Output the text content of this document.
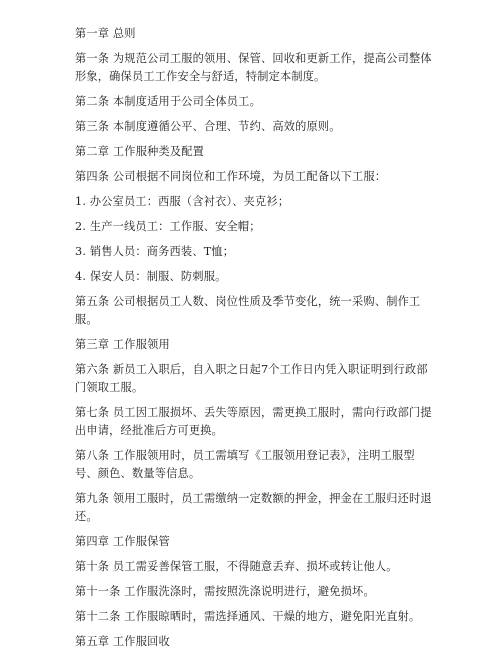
第一章 总则

第一条 为规范公司工服的领用、保管、回收和更新工作，提高公司整体形象，确保员工工作安全与舒适，特制定本制度。

第二条 本制度适用于公司全体员工。

第三条 本制度遵循公平、合理、节约、高效的原则。

第二章 工作服种类及配置

第四条 公司根据不同岗位和工作环境，为员工配备以下工服：

1. 办公室员工：西服（含衬衣）、夹克衫；

2. 生产一线员工：工作服、安全帽；

3. 销售人员：商务西装、T恤；

4. 保安人员：制服、防刺服。

第五条 公司根据员工人数、岗位性质及季节变化，统一采购、制作工服。

第三章 工作服领用

第六条 新员工入职后，自入职之日起7个工作日内凭入职证明到行政部门领取工服。

第七条 员工因工服损坏、丢失等原因，需更换工服时，需向行政部门提出申请，经批准后方可更换。

第八条 工作服领用时，员工需填写《工服领用登记表》，注明工服型号、颜色、数量等信息。

第九条 领用工服时，员工需缴纳一定数额的押金，押金在工服归还时退还。

第四章 工作服保管

第十条 员工需妥善保管工服，不得随意丢弃、损坏或转让他人。

第十一条 工作服洗涤时，需按照洗涤说明进行，避免损坏。

第十二条 工作服晾晒时，需选择通风、干燥的地方，避免阳光直射。

第五章 工作服回收
